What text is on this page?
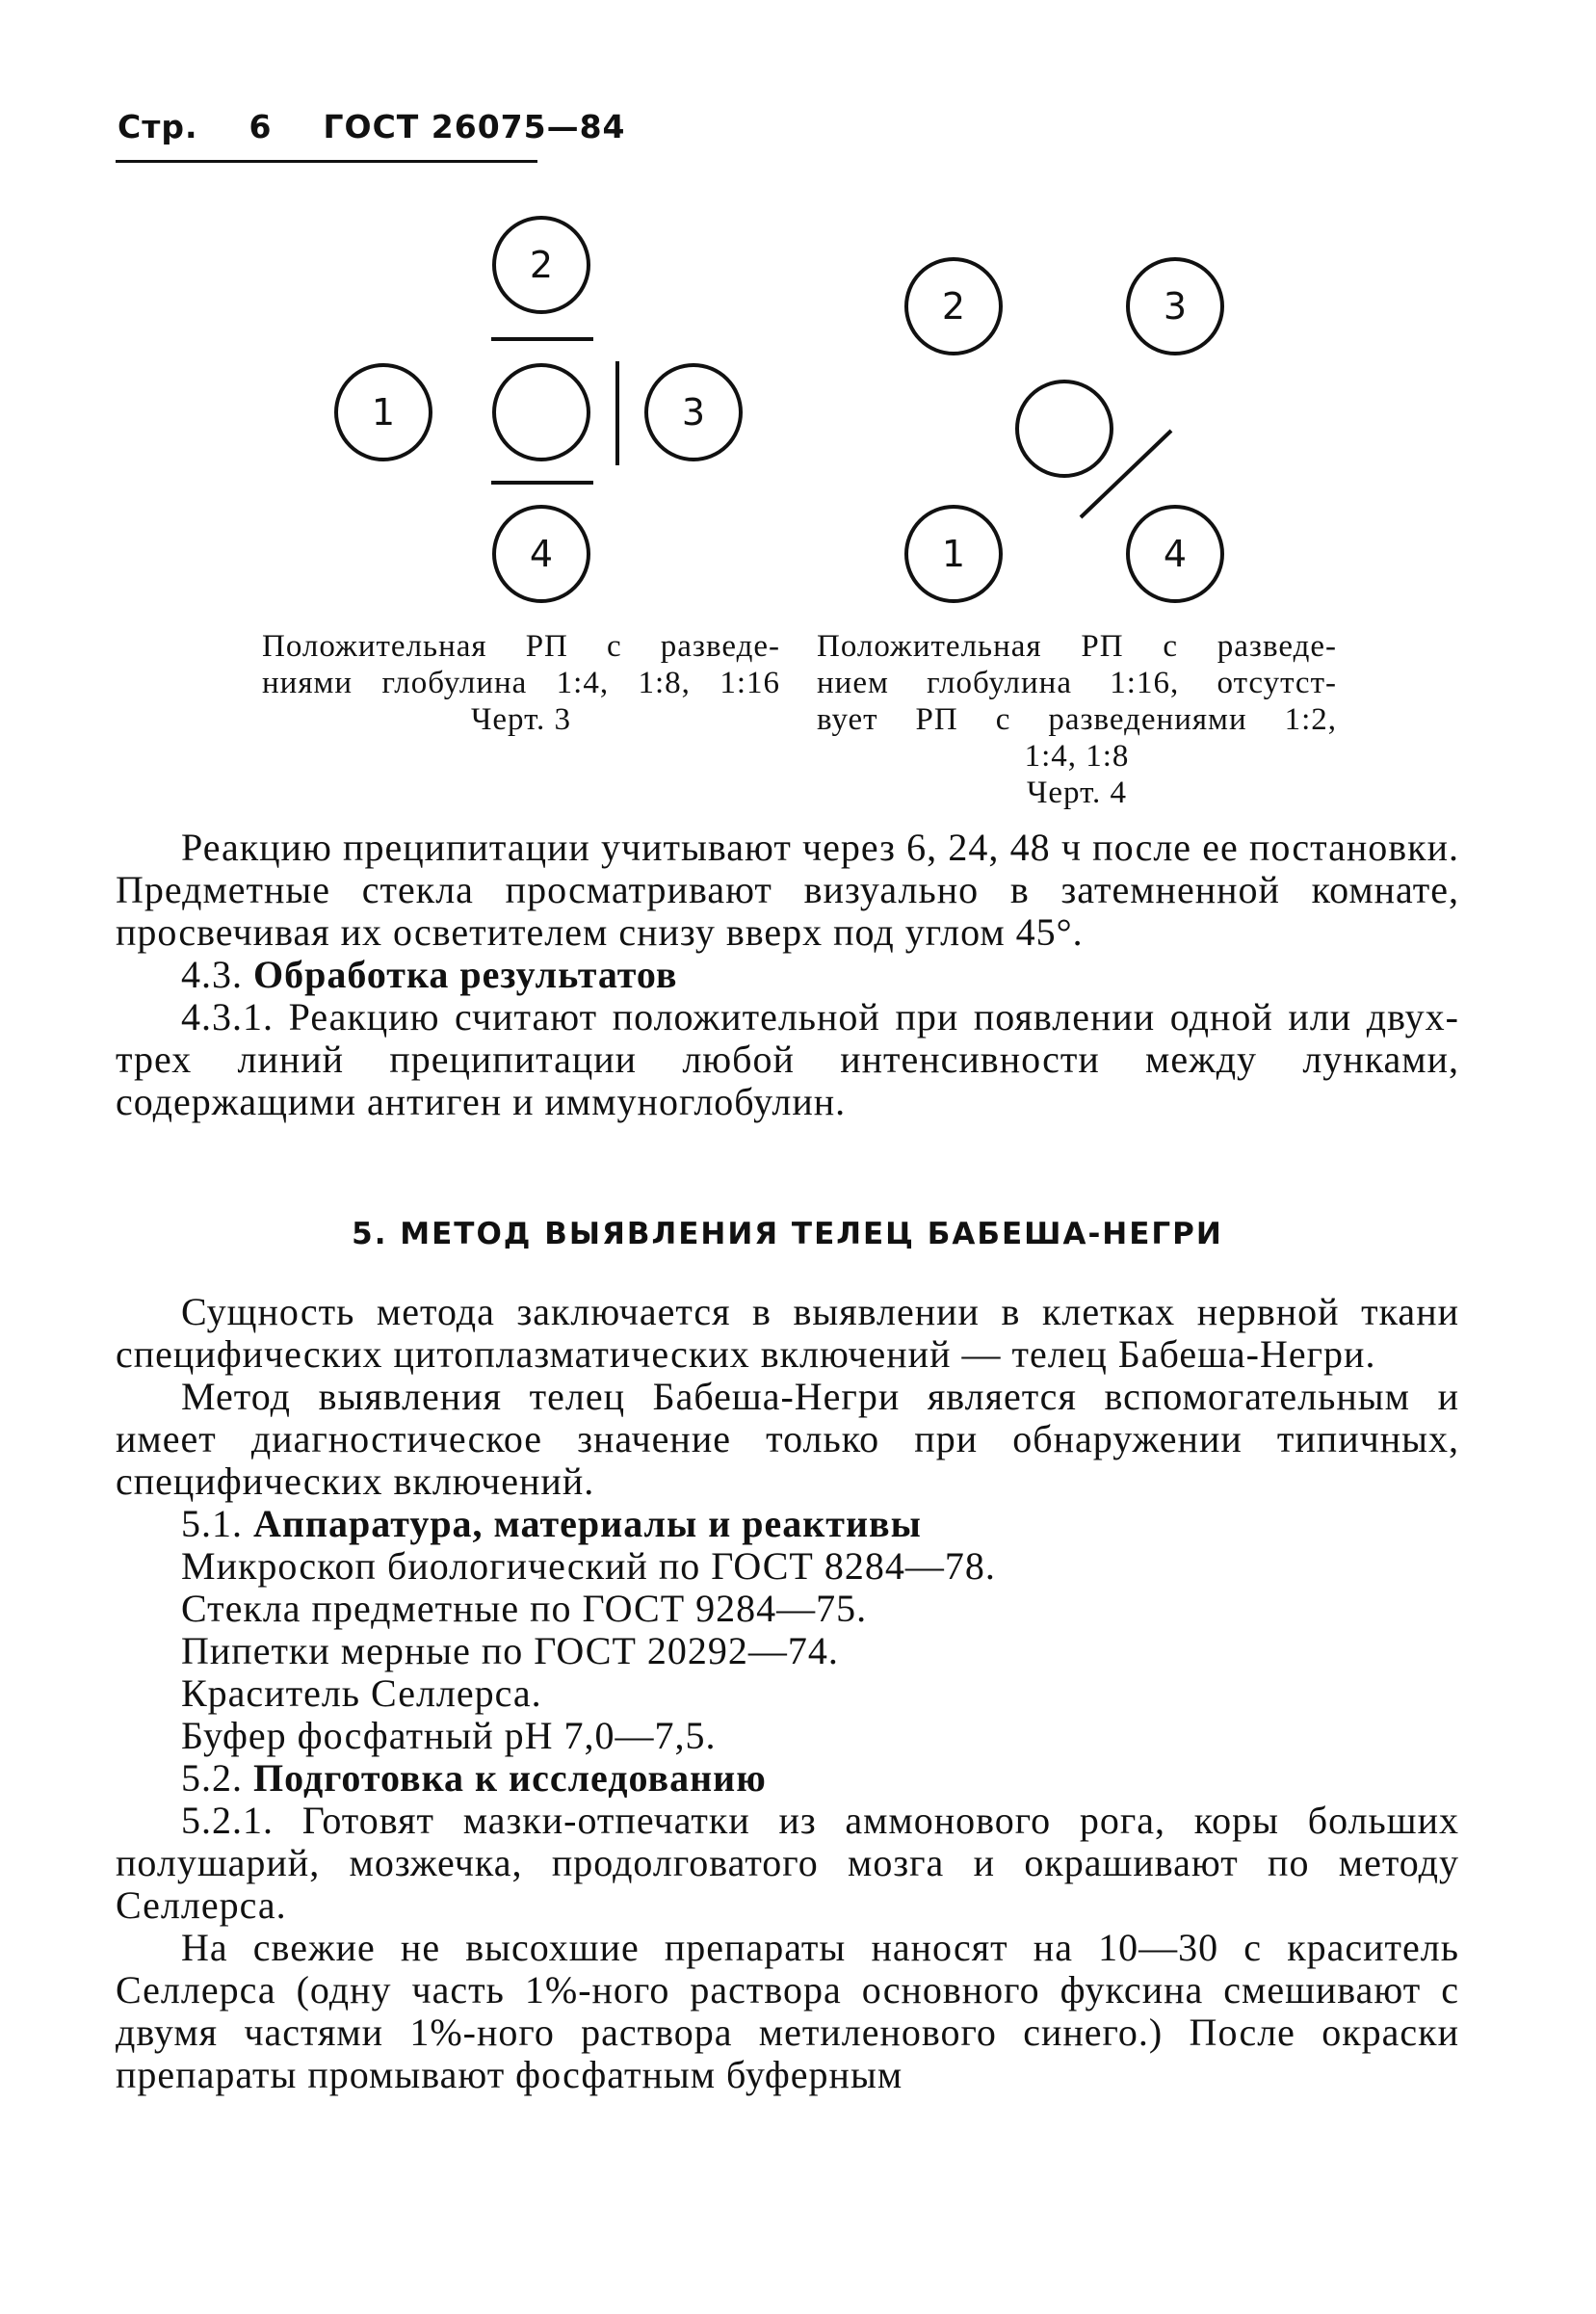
Стр. 6 ГОСТ 26075—84
2
1	3
4
2	3
1	4
Положительная РП с разведе-
ниями глобулина 1:4, 1:8, 1:16
Черт. 3
Положительная РП с разведе-
нием глобулина 1:16, отсутст-
вует РП с разведениями 1:2,
1:4, 1:8
Черт. 4

Реакцию преципитации учитывают через 6, 24, 48 ч после ее постановки. Предметные стекла просматривают визуально в затемненной комнате, просвечивая их осветителем снизу вверх под углом 45°.

4.3. Обработка результатов

4.3.1. Реакцию считают положительной при появлении одной или двух-трех линий преципитации любой интенсивности между лунками, содержащими антиген и иммуноглобулин.

5. МЕТОД ВЫЯВЛЕНИЯ ТЕЛЕЦ БАБЕША-НЕГРИ

Сущность метода заключается в выявлении в клетках нервной ткани специфических цитоплазматических включений — телец Бабеша-Негри.

Метод выявления телец Бабеша-Негри является вспомогательным и имеет диагностическое значение только при обнаружении типичных, специфических включений.

5.1. Аппаратура, материалы и реактивы

Микроскоп биологический по ГОСТ 8284—78.

Стекла предметные по ГОСТ 9284—75.

Пипетки мерные по ГОСТ 20292—74.

Краситель Селлерса.

Буфер фосфатный рН 7,0—7,5.

5.2. Подготовка к исследованию

5.2.1. Готовят мазки-отпечатки из аммонового рога, коры больших полушарий, мозжечка, продолговатого мозга и окрашивают по методу Селлерса.

На свежие не высохшие препараты наносят на 10—30 с краситель Селлерса (одну часть 1%-ного раствора основного фуксина смешивают с двумя частями 1%-ного раствора метиленового синего.) После окраски препараты промывают фосфатным буферным
